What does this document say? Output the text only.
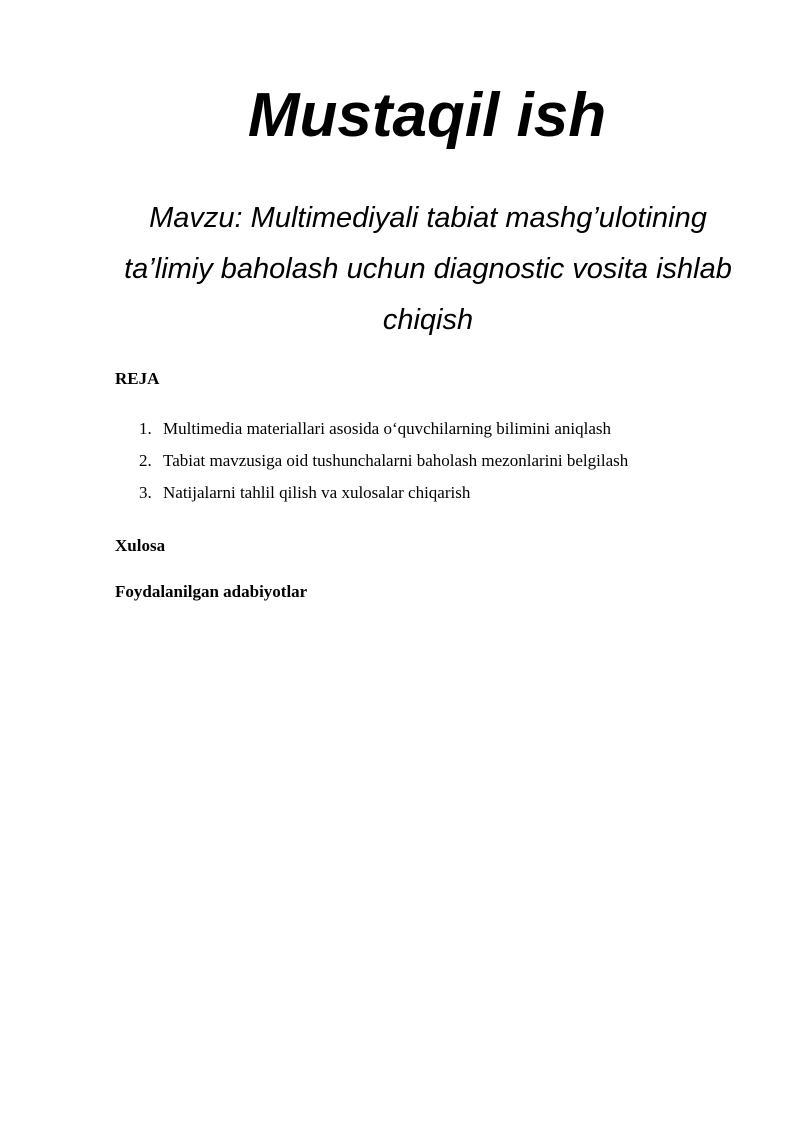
Mustaqil ish

Mavzu: Multimediyali tabiat mashg’ulotining
ta’limiy baholash uchun diagnostic vosita ishlab
chiqish

REJA
1. Multimedia materiallari asosida o‘quvchilarning bilimini aniqlash
2. Tabiat mavzusiga oid tushunchalarni baholash mezonlarini belgilash
3. Natijalarni tahlil qilish va xulosalar chiqarish
Xulosa
Foydalanilgan adabiyotlar
